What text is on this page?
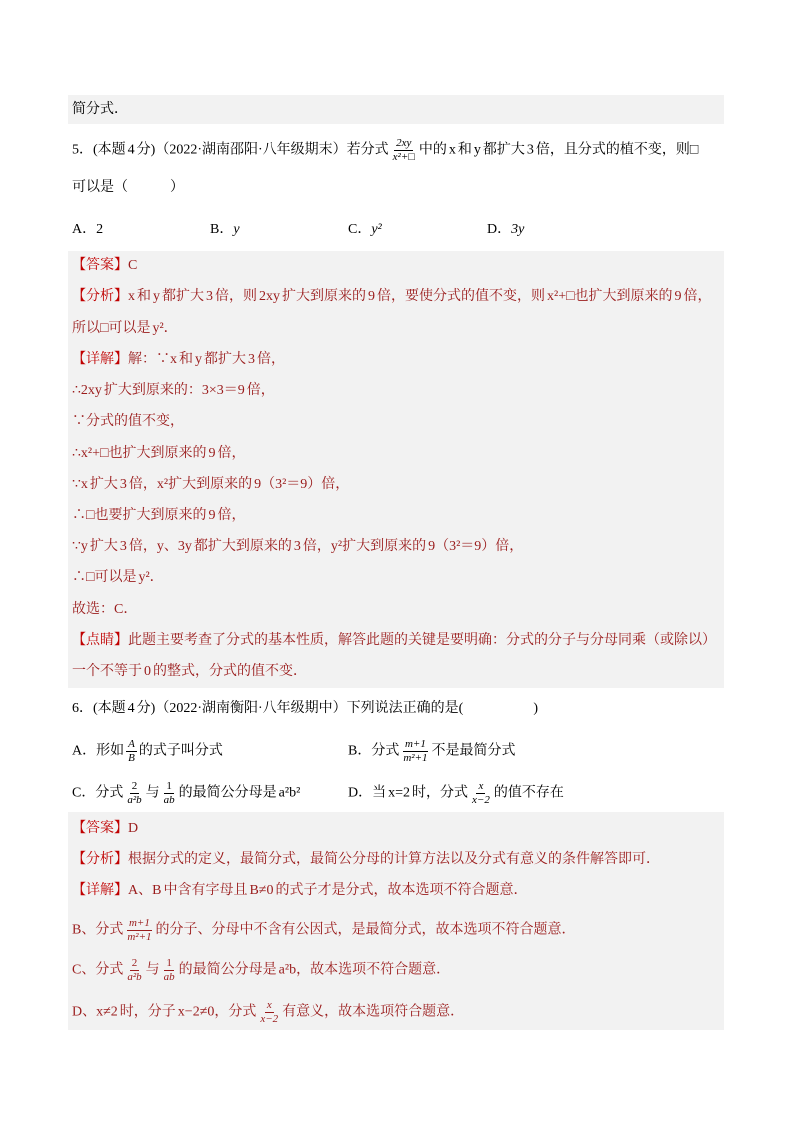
简分式．
5．(本题 4 分)（2022·湖南邵阳·八年级期末）若分式 $\frac{2xy}{\text{x²+□}}$ 中的 x 和 y 都扩大 3 倍，且分式的植不变，则□
可以是（　　　）
A．2	B．y	C．y²	D．3y
【答案】C
【分析】x 和 y 都扩大 3 倍，则 2xy 扩大到原来的 9 倍，要使分式的值不变，则 x²+□也扩大到原来的 9 倍，
所以□可以是 y²．
【详解】解：∵x 和 y 都扩大 3 倍，
∴2xy 扩大到原来的：3×3＝9 倍，
∵分式的值不变，
∴x²+□也扩大到原来的 9 倍，
∵x 扩大 3 倍，x²扩大到原来的 9（3²＝9）倍，
∴□也要扩大到原来的 9 倍，
∵y 扩大 3 倍，y、3y 都扩大到原来的 3 倍，y²扩大到原来的 9（3²＝9）倍，
∴□可以是 y²．
故选：C．
【点睛】此题主要考查了分式的基本性质，解答此题的关键是要明确：分式的分子与分母同乘（或除以）
一个不等于 0 的整式，分式的值不变．
6．(本题 4 分)（2022·湖南衡阳·八年级期中）下列说法正确的是(　　　　　)
A．形如 $\frac{A}{B}$ 的式子叫分式	B．分式 $\frac{m+1}{\text{m²+1}}$ 不是最简分式
C．分式 $\frac{2}{\text{a²b}}$ 与 $\frac{1}{ab}$ 的最简公分母是 a²b²	D．当 x=2 时，分式 $\frac{x}{x-2}$ 的值不存在
【答案】D
【分析】根据分式的定义，最简分式，最简公分母的计算方法以及分式有意义的条件解答即可．
【详解】A、B 中含有字母且 B≠0 的式子才是分式，故本选项不符合题意．
B、分式 $\frac{m+1}{\text{m²+1}}$ 的分子、分母中不含有公因式，是最简分式，故本选项不符合题意．
C、分式 $\frac{2}{\text{a²b}}$ 与 $\frac{1}{ab}$ 的最简公分母是 a²b，故本选项不符合题意．
D、x≠2 时，分子 x−2≠0，分式 $\frac{x}{x-2}$ 有意义，故本选项符合题意．
